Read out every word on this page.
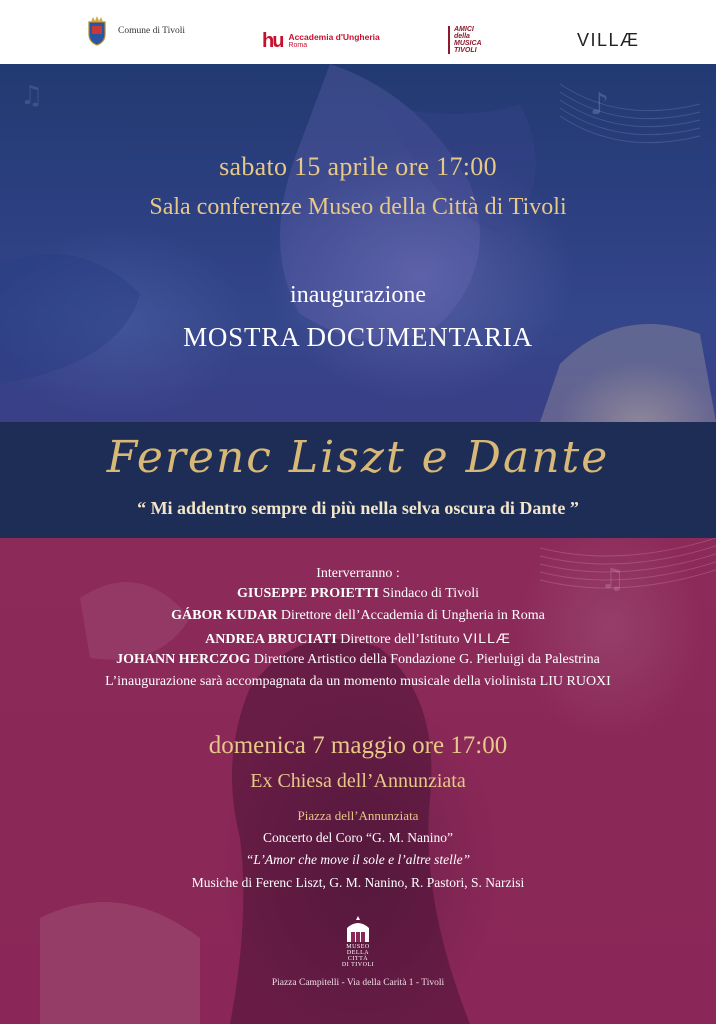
Comune di Tivoli	hu Accademia d'Ungheria
Roma
AMICI
della
MUSICA
TIVOLI
VILLÆ
♪
♫
sabato 15 aprile ore 17:00
Sala conferenze Museo della Città di Tivoli
inaugurazione
MOSTRA DOCUMENTARIA
Ferenc Liszt e Dante
“ Mi addentro sempre di più nella selva oscura di Dante ”
♫
Interverranno :
GIUSEPPE PROIETTI Sindaco di Tivoli
GÁBOR KUDAR Direttore dell’Accademia di Ungheria in Roma
ANDREA BRUCIATI Direttore dell’Istituto VILLÆ
JOHANN HERCZOG Direttore Artistico della Fondazione G. Pierluigi da Palestrina
L’inaugurazione sarà accompagnata da un momento musicale della violinista LIU RUOXI
domenica 7 maggio ore 17:00
Ex Chiesa dell’Annunziata
Piazza dell’Annunziata
Concerto del Coro “G. M. Nanino”
“L’Amor che move il sole e l’altre stelle”
Musiche di Ferenc Liszt, G. M. Nanino, R. Pastori, S. Narzisi
MUSEO
DELLA CITTÀ
DI TIVOLI
Piazza Campitelli - Via della Carità 1 - Tivoli
